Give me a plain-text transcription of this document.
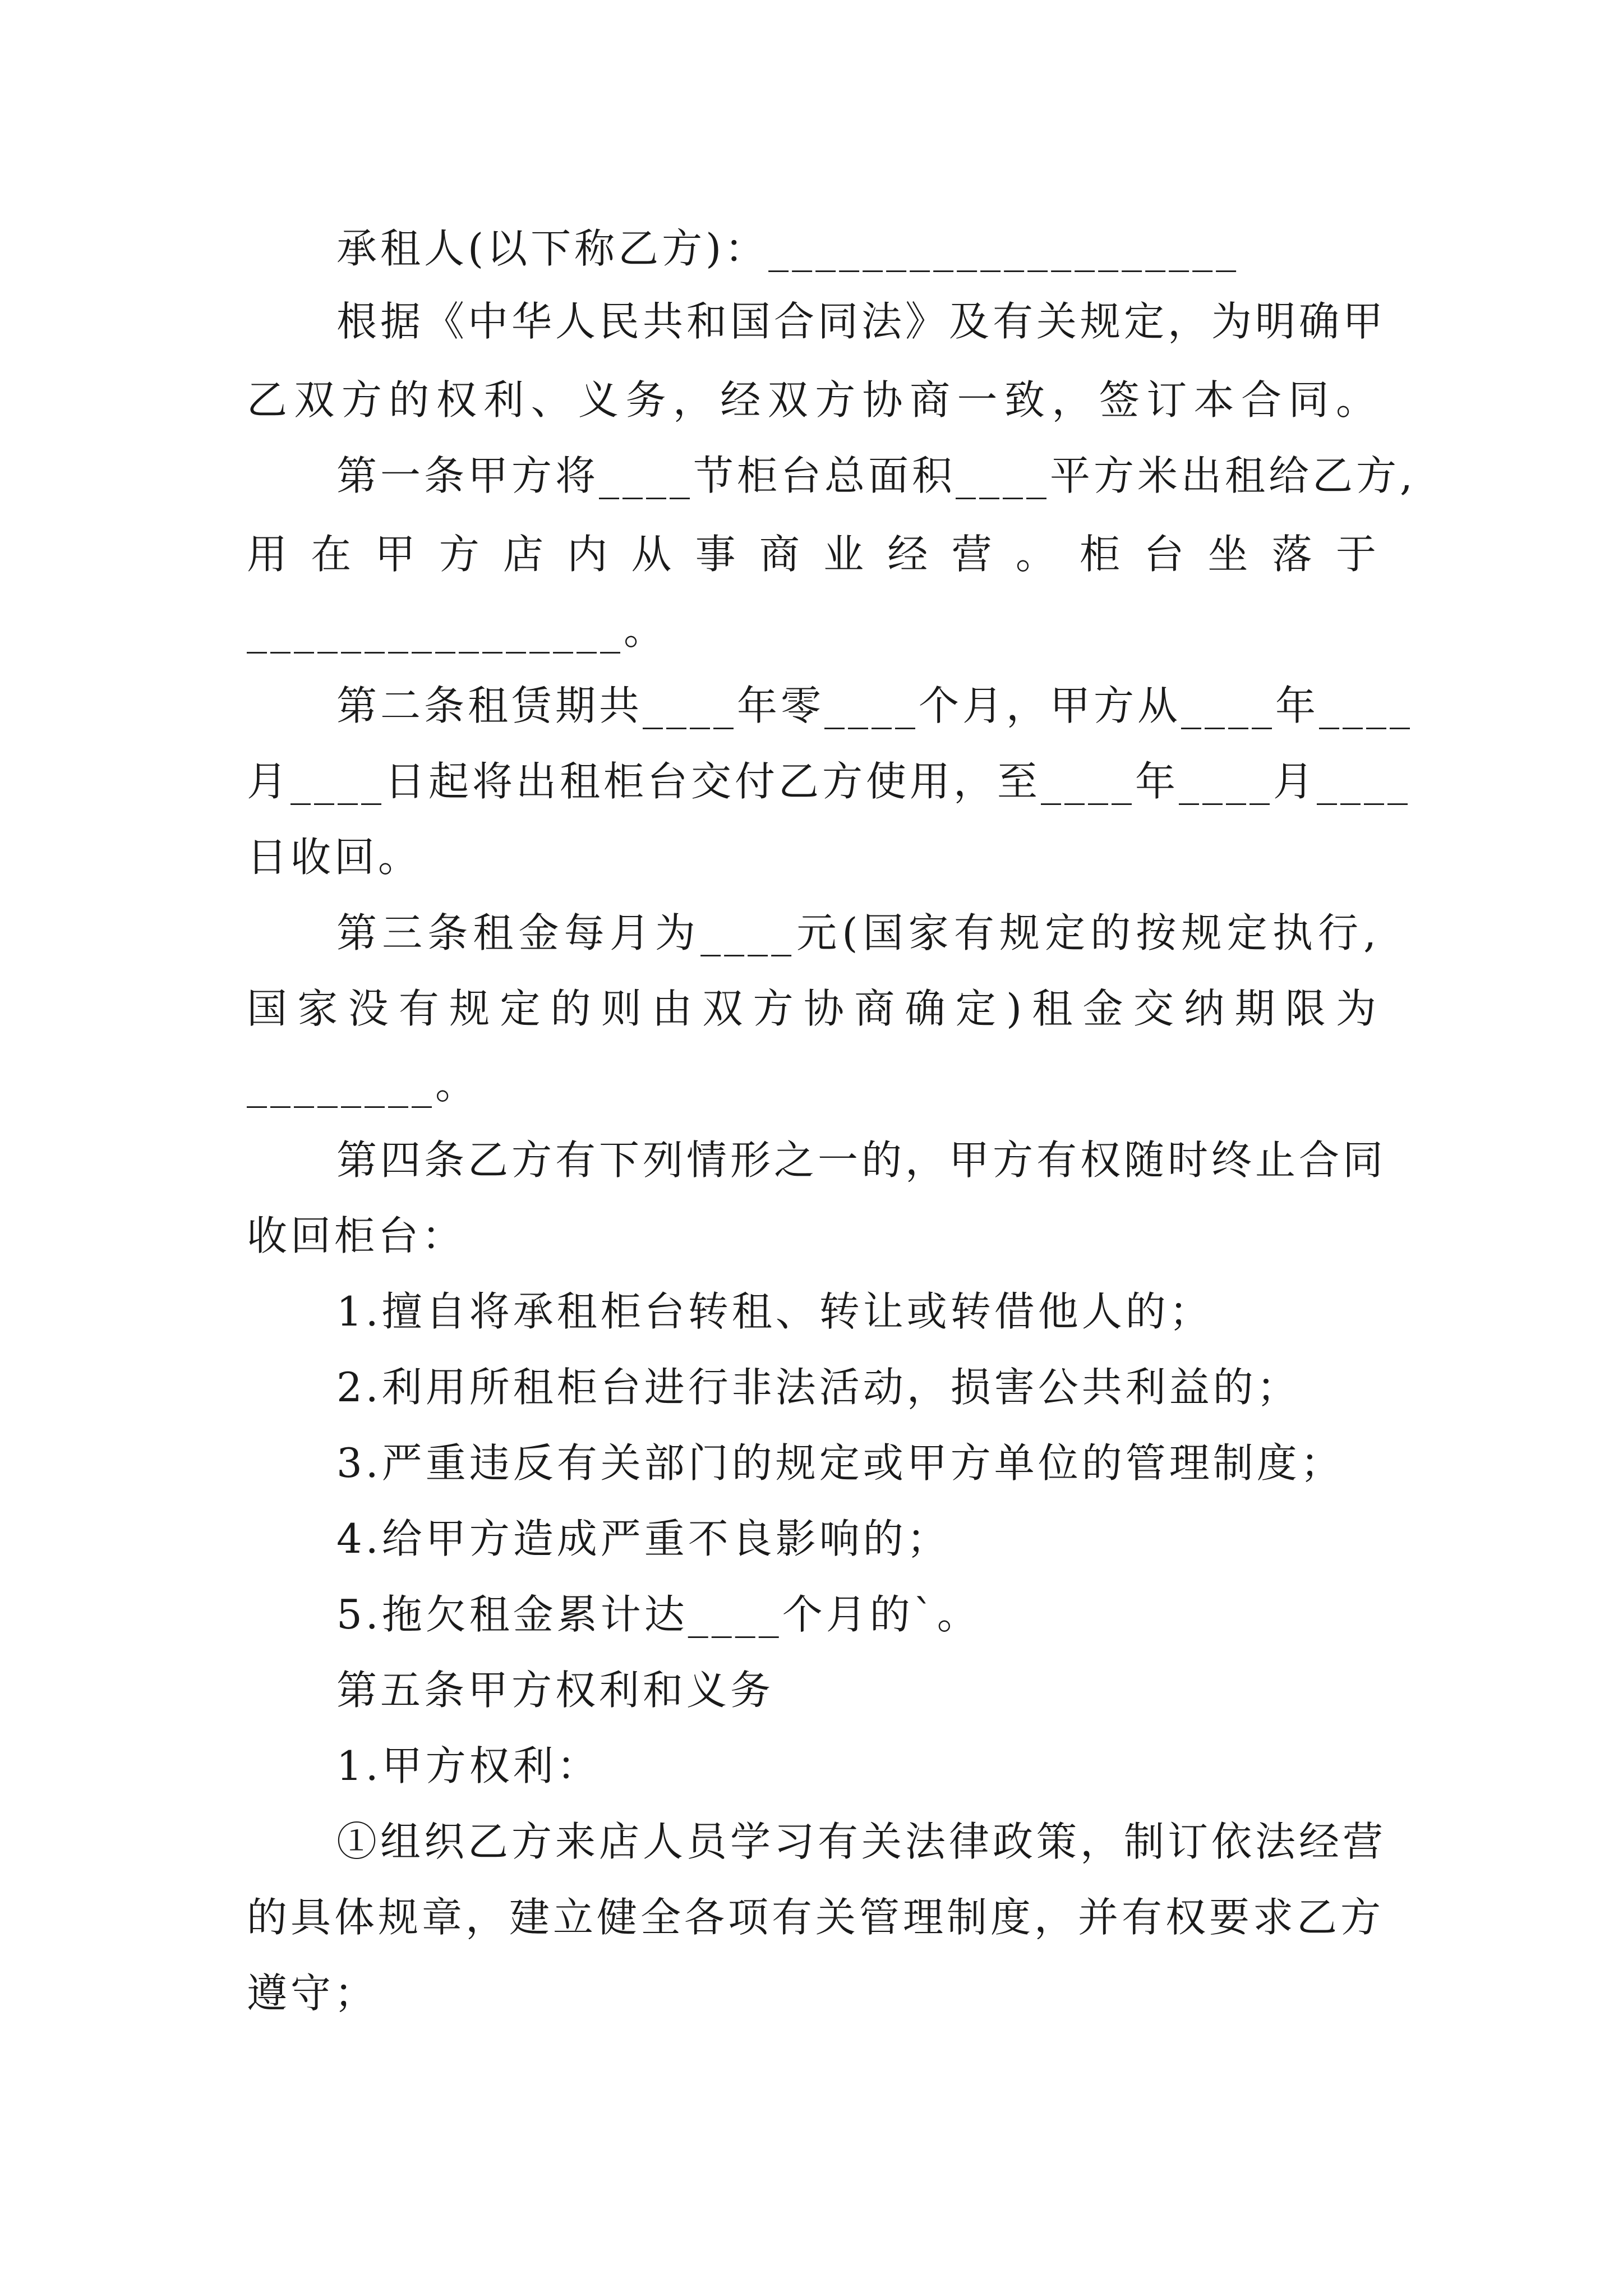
承租人(以下称乙方)：____________________
根据《中华人民共和国合同法》及有关规定，为明确甲
乙双方的权利、义务，经双方协商一致，签订本合同。
第一条甲方将____节柜台总面积____平方米出租给乙方,
用在甲方店内从事商业经营。柜台坐落于
________________。
第二条租赁期共____年零____个月，甲方从____年____
月____日起将出租柜台交付乙方使用，至____年____月____
日收回。
第三条租金每月为____元(国家有规定的按规定执行,
国家没有规定的则由双方协商确定)租金交纳期限为
________。
第四条乙方有下列情形之一的，甲方有权随时终止合同
收回柜台：
1.擅自将承租柜台转租、转让或转借他人的；
2.利用所租柜台进行非法活动，损害公共利益的；
3.严重违反有关部门的规定或甲方单位的管理制度；
4.给甲方造成严重不良影响的；
5.拖欠租金累计达____个月的`。
第五条甲方权利和义务
1.甲方权利：
①组织乙方来店人员学习有关法律政策，制订依法经营
的具体规章，建立健全各项有关管理制度，并有权要求乙方
遵守；
